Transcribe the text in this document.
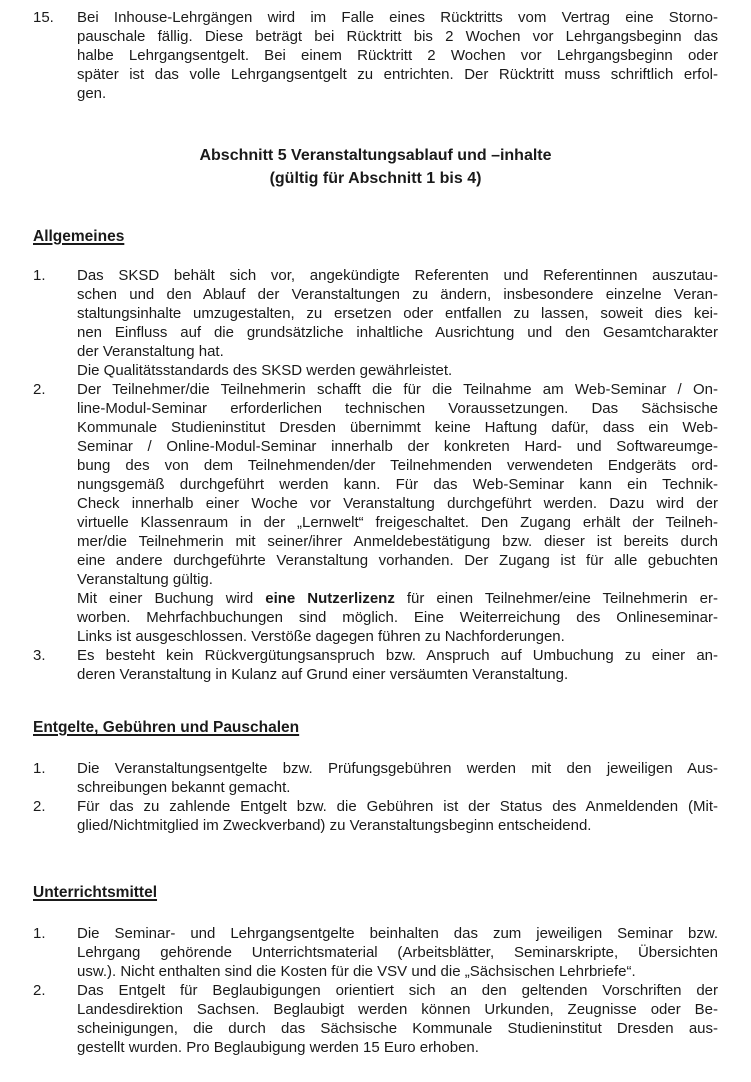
15.	Bei Inhouse-Lehrgängen wird im Falle eines Rücktritts vom Vertrag eine Storno-
pauschale fällig. Diese beträgt bei Rücktritt bis 2 Wochen vor Lehrgangsbeginn das
halbe Lehrgangsentgelt. Bei einem Rücktritt 2 Wochen vor Lehrgangsbeginn oder
später ist das volle Lehrgangsentgelt zu entrichten. Der Rücktritt muss schriftlich erfol-
gen.
Abschnitt 5 Veranstaltungsablauf und –inhalte
(gültig für Abschnitt 1 bis 4)
Allgemeines
1.	Das SKSD behält sich vor, angekündigte Referenten und Referentinnen auszutau-
schen und den Ablauf der Veranstaltungen zu ändern, insbesondere einzelne Veran-
staltungsinhalte umzugestalten, zu ersetzen oder entfallen zu lassen, soweit dies kei-
nen Einfluss auf die grundsätzliche inhaltliche Ausrichtung und den Gesamtcharakter
der Veranstaltung hat.
Die Qualitätsstandards des SKSD werden gewährleistet.
2.	Der Teilnehmer/die Teilnehmerin schafft die für die Teilnahme am Web-Seminar / On-
line-Modul-Seminar erforderlichen technischen Voraussetzungen. Das Sächsische
Kommunale Studieninstitut Dresden übernimmt keine Haftung dafür, dass ein Web-
Seminar / Online-Modul-Seminar innerhalb der konkreten Hard- und Softwareumge-
bung des von dem Teilnehmenden/der Teilnehmenden verwendeten Endgeräts ord-
nungsgemäß durchgeführt werden kann. Für das Web-Seminar kann ein Technik-
Check innerhalb einer Woche vor Veranstaltung durchgeführt werden. Dazu wird der
virtuelle Klassenraum in der „Lernwelt“ freigeschaltet. Den Zugang erhält der Teilneh-
mer/die Teilnehmerin mit seiner/ihrer Anmeldebestätigung bzw. dieser ist bereits durch
eine andere durchgeführte Veranstaltung vorhanden. Der Zugang ist für alle gebuchten
Veranstaltung gültig.
Mit einer Buchung wird eine Nutzerlizenz für einen Teilnehmer/eine Teilnehmerin er-
worben. Mehrfachbuchungen sind möglich. Eine Weiterreichung des Onlineseminar-
Links ist ausgeschlossen. Verstöße dagegen führen zu Nachforderungen.
3.	Es besteht kein Rückvergütungsanspruch bzw. Anspruch auf Umbuchung zu einer an-
deren Veranstaltung in Kulanz auf Grund einer versäumten Veranstaltung.
Entgelte, Gebühren und Pauschalen
1.	Die Veranstaltungsentgelte bzw. Prüfungsgebühren werden mit den jeweiligen Aus-
schreibungen bekannt gemacht.
2.	Für das zu zahlende Entgelt bzw. die Gebühren ist der Status des Anmeldenden (Mit-
glied/Nichtmitglied im Zweckverband) zu Veranstaltungsbeginn entscheidend.
Unterrichtsmittel
1.	Die Seminar- und Lehrgangsentgelte beinhalten das zum jeweiligen Seminar bzw.
Lehrgang gehörende Unterrichtsmaterial (Arbeitsblätter, Seminarskripte, Übersichten
usw.). Nicht enthalten sind die Kosten für die VSV und die „Sächsischen Lehrbriefe“.
2.	Das Entgelt für Beglaubigungen orientiert sich an den geltenden Vorschriften der
Landesdirektion Sachsen. Beglaubigt werden können Urkunden, Zeugnisse oder Be-
scheinigungen, die durch das Sächsische Kommunale Studieninstitut Dresden aus-
gestellt wurden. Pro Beglaubigung werden 15 Euro erhoben.
